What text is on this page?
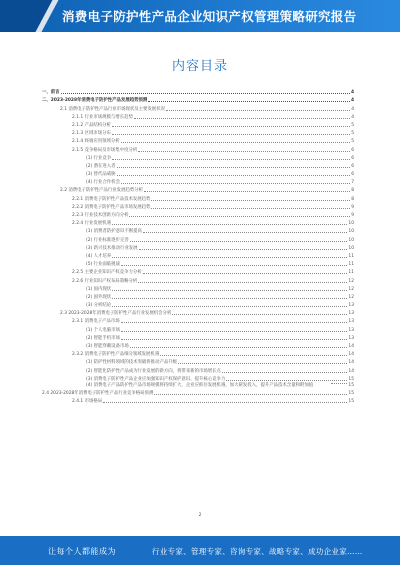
消费电子防护性产品企业知识产权管理策略研究报告
内容目录
一、前言	4
二、2023-2028年消费电子防护性产品发展趋势预测	4
2.1 消费电子防护性产品行业市场现状及主要发展状况	4
2.1.1 行业市场规模与增长趋势	4
2.1.2 产品结构分析	5
2.1.3 区域市场分布	5
2.1.4 终端应用领域分析	5
2.1.5 竞争格局及市场集中度分析	6
(1) 行业竞争	6
(2) 潜在进入者	6
(3) 替代品威胁	6
(4) 行业合作机会	7
2.2 消费电子防护性产品行业发展趋势分析	8
2.2.1 消费电子防护性产品技术发展趋势	8
2.2.2 消费电子防护性产品市场发展趋势	9
2.2.3 行业技术创新方向分析	9
2.2.4 行业发展机遇	10
(1) 消费者防护意识不断提高	10
(2) 行业标准逐步完善	10
(3) 新兴技术推动行业发展	10
(4) 人才培养	11
(5) 行业面临挑战	11
2.2.5 主要企业知识产权竞争力分析	11
2.2.6 行业知识产权布局策略分析	12
(1) 国内现状	12
(2) 国外现状	12
(3) 分析结论	13
2.3 2023-2028年消费电子防护性产品行业发展机会分析	13
2.3.1 消费电子产品市场	13
(1) 个人电脑市场	13
(2) 智能手机市场	13
(3) 智能穿戴设备市场	14
2.3.2 消费电子防护性产品细分领域发展机遇	14
(1) 防护性材料领域的技术突破将推动产品升级	14
(2) 智能化防护性产品成为行业发展的新方向，将带来新的市场增长点	14
(3) 消费电子防护性产品企业应加强知识产权保护意识，提升核心竞争力	15
(4) 消费电子产品防护性产品市场规模将持续扩大，企业应抓住发展机遇，加大研发投入，提升产品技术含量和附加值	15
2.4 2023-2028年消费电子防护性产品行业竞争格局预测	15
2.4.1 市场格局	15
2
让每个人都能成为	行业专家、管理专家、咨询专家、战略专家、成功企业家……
